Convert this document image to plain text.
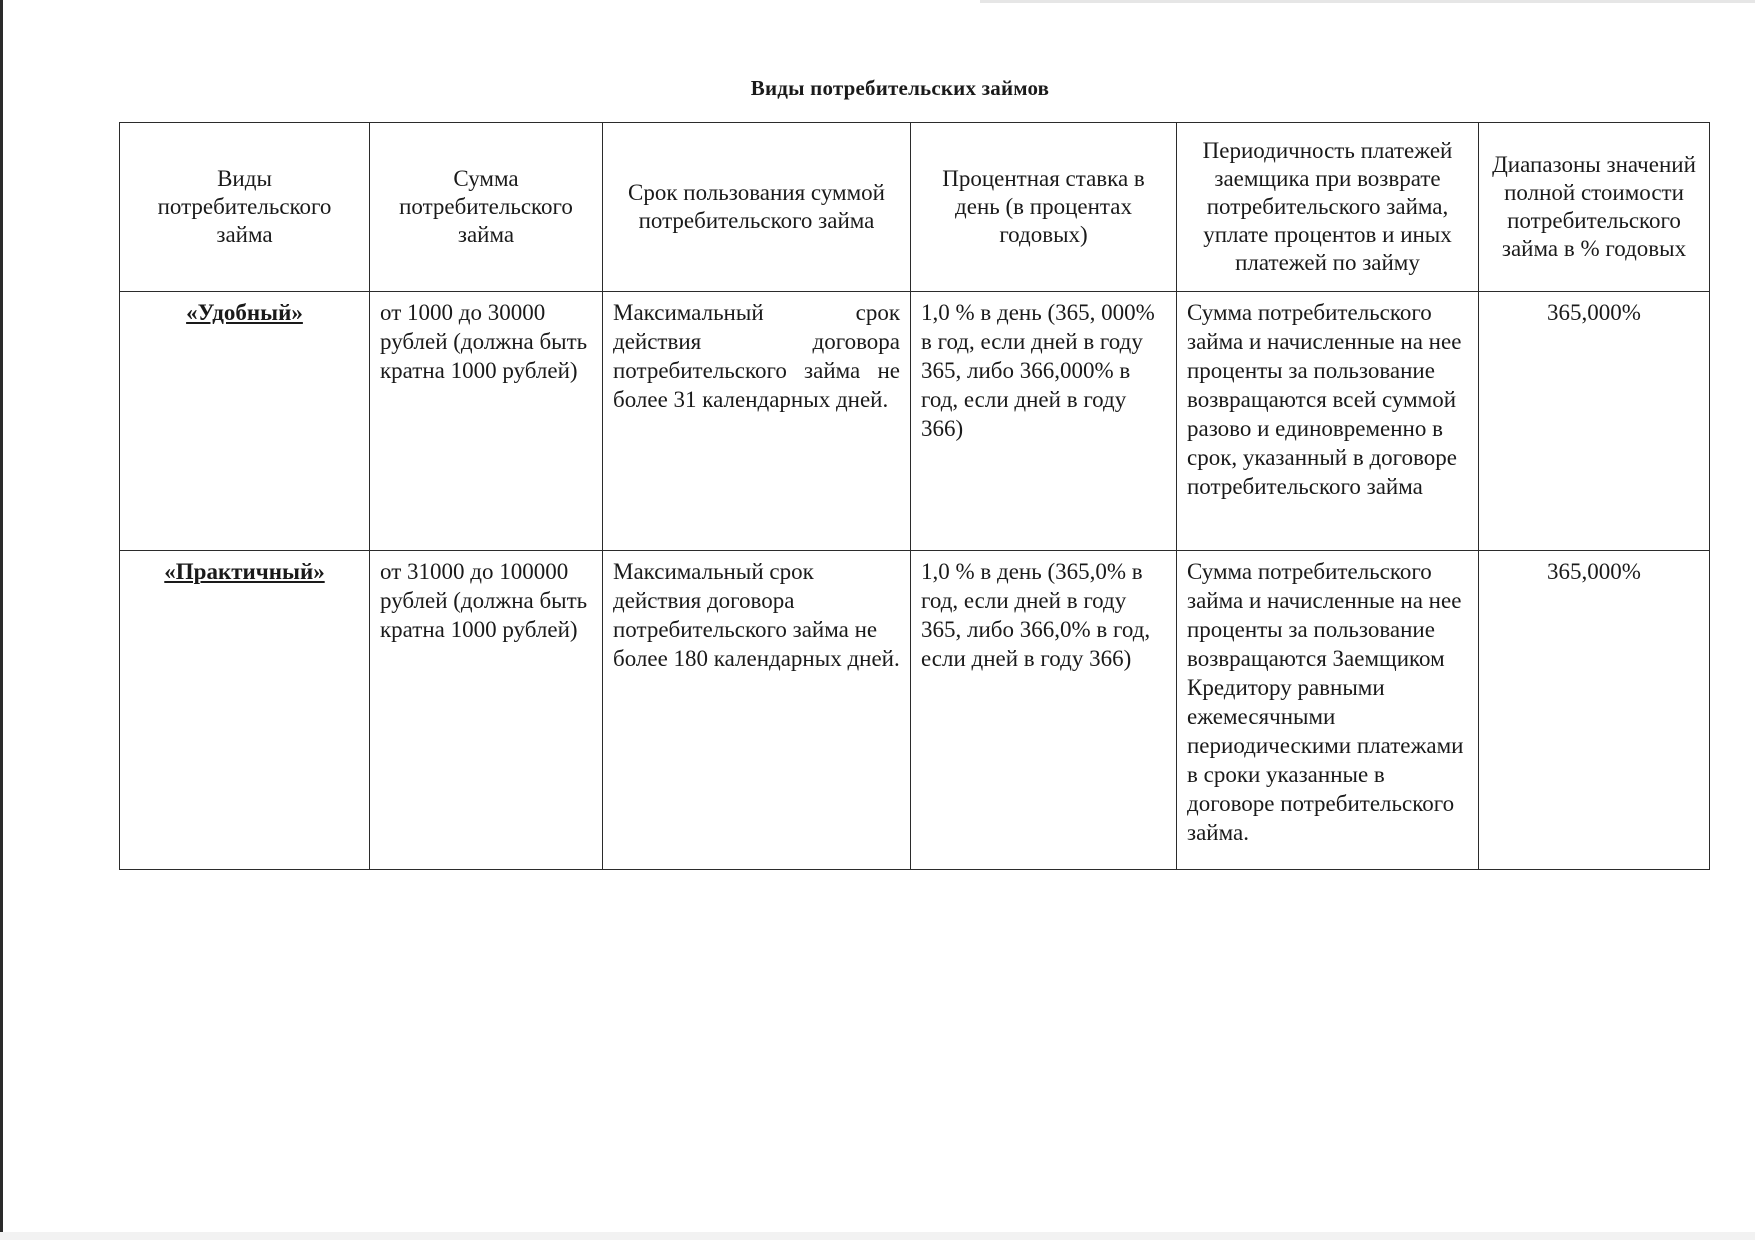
Виды потребительских займов
Виды потребительского займа	Сумма потребительского займа	Срок пользования суммой потребительского займа	Процентная ставка в день (в процентах годовых)	Периодичность платежей заемщика при возврате потребительского займа, уплате процентов и иных платежей по займу	Диапазоны значений полной стоимости потребительского займа в % годовых
«Удобный»	от 1000 до 30000 рублей (должна быть кратна 1000 рублей)	Максимальный срок действия договора потребительского займа не более 31 календарных дней.	1,0 % в день (365, 000% в год, если дней в году 365, либо 366,000% в год, если дней в году 366)	Сумма потребительского займа и начисленные на нее проценты за пользование возвращаются всей суммой разово и единовременно в срок, указанный в договоре потребительского займа	365,000%
«Практичный»	от 31000 до 100000 рублей (должна быть кратна 1000 рублей)	Максимальный срок действия договора потребительского займа не более 180 календарных дней.	1,0 % в день (365,0% в год, если дней в году 365, либо 366,0% в год, если дней в году 366)	Сумма потребительского займа и начисленные на нее проценты за пользование возвращаются Заемщиком Кредитору равными ежемесячными периодическими платежами в сроки указанные в договоре потребительского займа.	365,000%
